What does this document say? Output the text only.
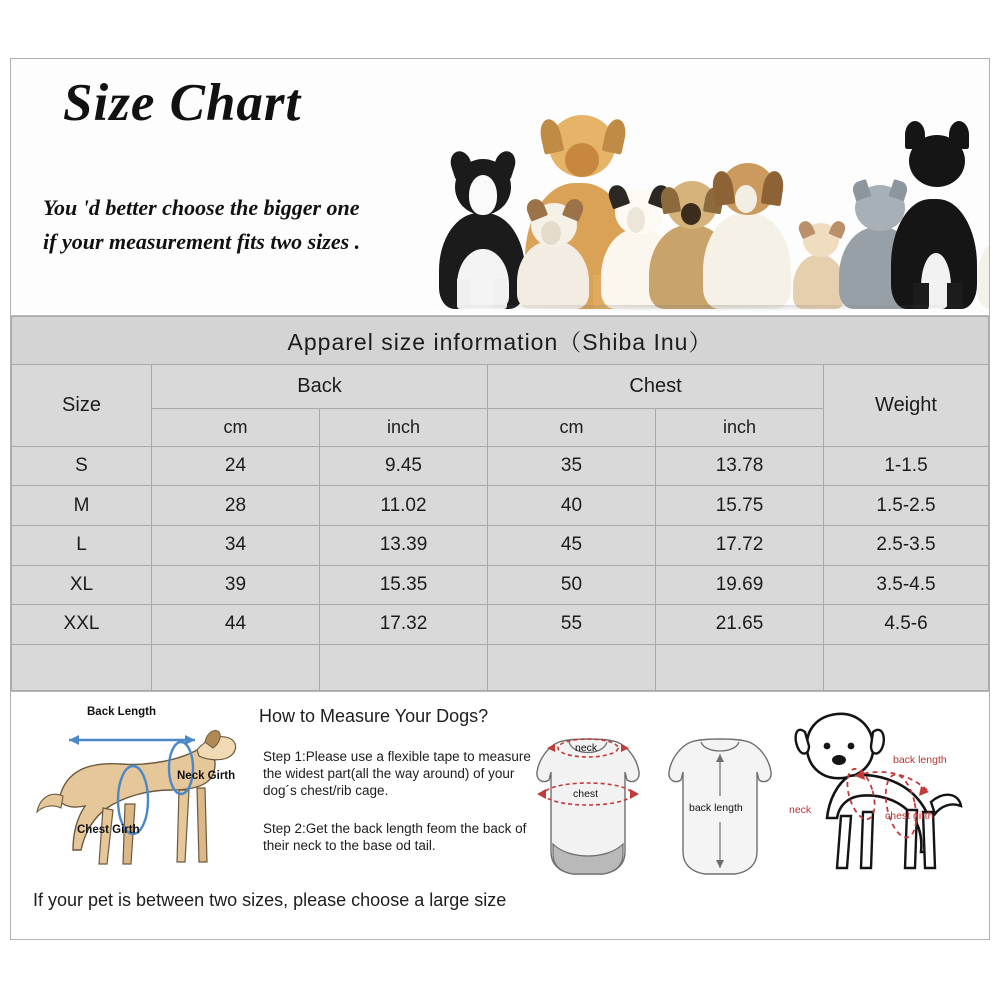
Size Chart
You 'd better choose the bigger one
if your measurement fits two sizes .
Apparel size information（Shiba Inu）					
Size	Back		Chest		Weight
	cm	inch	cm	inch	
S	24	9.45	35	13.78	1-1.5
M	28	11.02	40	15.75	1.5-2.5
L	34	13.39	45	17.72	2.5-3.5
XL	39	15.35	50	19.69	3.5-4.5
XXL	44	17.32	55	21.65	4.5-6

Back Length
Neck Girth
Chest Girth
How to Measure Your Dogs?
Step 1:Please use a flexible tape to measure the widest part(all the way around) of your dog´s chest/rib cage.
Step 2:Get the back length feom the back of their neck to the base od tail.
If your pet is between two sizes, please choose a large size
neck
chest
back length
back length
neck	chest girth
